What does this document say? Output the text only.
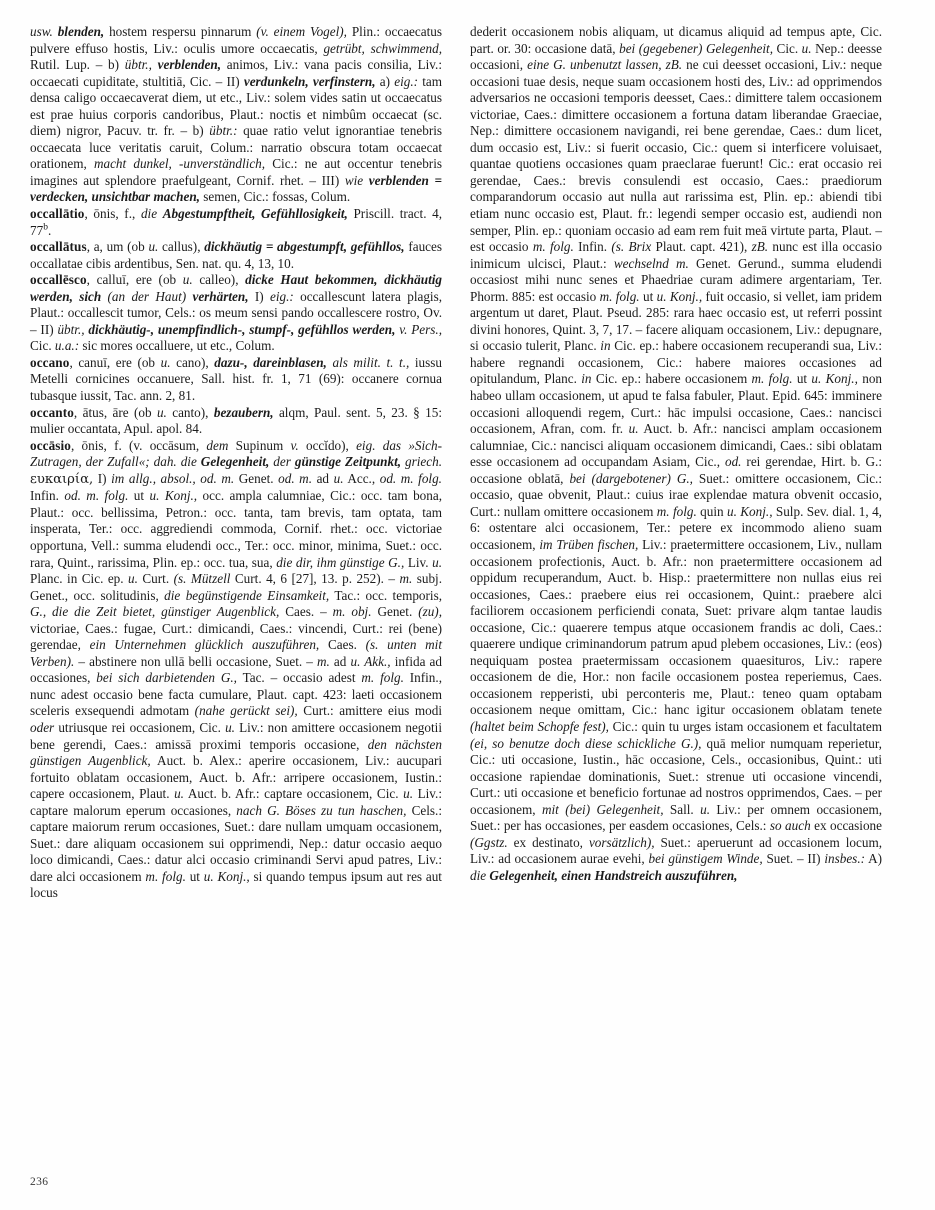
usw. blenden, hostem respersu pinnarum (v. einem Vogel), Plin.: occaecatus pulvere effuso hostis, Liv.: oculis umore occaecatis, getrübt, schwimmend, Rutil. Lup. – b) übtr., verblenden, animos, Liv.: vana pacis consilia, Liv.: occaecati cupiditate, stultitiā, Cic. – II) verdunkeln, verfinstern, a) eig.: tam densa caligo occaecaverat diem, ut etc., Liv.: solem vides satin ut occaecatus est prae huius corporis candoribus, Plaut.: noctis et nimbûm occaecat (sc. diem) nigror, Pacuv. tr. fr. – b) übtr.: quae ratio velut ignorantiae tenebris occaecata luce veritatis caruit, Colum.: narratio obscura totam occaecat orationem, macht dunkel, -unverständlich, Cic.: ne aut occentur tenebris imagines aut splendore praefulgeant, Cornif. rhet. – III) wie verblenden = verdecken, unsichtbar machen, semen, Cic.: fossas, Colum.

occallātio, ōnis, f., die Abgestumpftheit, Gefühllosigkeit, Priscill. tract. 4, 77$^b$.

occallātus, a, um (ob u. callus), dickhäutig = abgestumpft, gefühllos, fauces occallatae cibis ardentibus, Sen. nat. qu. 4, 13, 10.

occallēsco, calluī, ere (ob u. calleo), dicke Haut bekommen, dickhäutig werden, sich (an der Haut) verhärten, I) eig.: occallescunt latera plagis, Plaut.: occallescit tumor, Cels.: os meum sensi pando occallescere rostro, Ov. – II) übtr., dickhäutig-, unempfindlich-, stumpf-, gefühllos werden, v. Pers., Cic. u.a.: sic mores occalluere, ut etc., Colum.

occano, canuī, ere (ob u. cano), dazu-, dareinblasen, als milit. t. t., iussu Metelli cornicines occanuere, Sall. hist. fr. 1, 71 (69): occanere cornua tubasque iussit, Tac. ann. 2, 81.

occanto, ātus, āre (ob u. canto), bezaubern, alqm, Paul. sent. 5, 23. § 15: mulier occantata, Apul. apol. 84.

occāsio, ōnis, f. (v. occāsum, dem Supinum v. occĭdo), eig. das »Sich-Zutragen, der Zufall«; dah. die Gelegenheit, der günstige Zeitpunkt, griech. ευκαιρία, I) im allg., absol., od. m. Genet. od. m. ad u. Acc., od. m. folg. Infin. od. m. folg. ut u. Konj., occ. ampla calumniae, Cic.: occ. tam bona, Plaut.: occ. bellissima, Petron.: occ. tanta, tam brevis, tam optata, tam insperata, Ter.: occ. aggrediendi commoda, Cornif. rhet.: occ. victoriae opportuna, Vell.: summa eludendi occ., Ter.: occ. minor, minima, Suet.: occ. rara, Quint., rarissima, Plin. ep.: occ. tua, sua, die dir, ihm günstige G., Liv. u. Planc. in Cic. ep. u. Curt. (s. Mützell Curt. 4, 6 [27], 13. p. 252). – m. subj. Genet., occ. solitudinis, die begünstigende Einsamkeit, Tac.: occ. temporis, G., die die Zeit bietet, günstiger Augenblick, Caes. – m. obj. Genet. (zu), victoriae, Caes.: fugae, Curt.: dimicandi, Caes.: vincendi, Curt.: rei (bene) gerendae, ein Unternehmen glücklich auszuführen, Caes. (s. unten mit Verben). – abstinere non ullā belli occasione, Suet. – m. ad u. Akk., infida ad occasiones, bei sich darbietenden G., Tac. – occasio adest m. folg. Infin., nunc adest occasio bene facta cumulare, Plaut. capt. 423: laeti occasionem sceleris exsequendi admotam (nahe gerückt sei), Curt.: amittere eius modi oder utriusque rei occasionem, Cic. u. Liv.: non amittere occasionem negotii bene gerendi, Caes.: amissā proximi temporis occasione, den nächsten günstigen Augenblick, Auct. b. Alex.: aperire occasionem, Liv.: aucupari fortuito oblatam occasionem, Auct. b. Afr.: arripere occasionem, Iustin.: capere occasionem, Plaut. u. Auct. b. Afr.: captare occasionem, Cic. u. Liv.: captare malorum eperum occasiones, nach G. Böses zu tun haschen, Cels.: captare maiorum rerum occasiones, Suet.: dare nullam umquam occasionem, Suet.: dare aliquam occasionem sui opprimendi, Nep.: datur occasio aequo loco dimicandi, Caes.: datur alci occasio criminandi Servi apud patres, Liv.: dare alci occasionem m. folg. ut u. Konj., si quando tempus ipsum aut res aut locus

dederit occasionem nobis aliquam, ut dicamus aliquid ad tempus apte, Cic. part. or. 30: occasione datā, bei (gegebener) Gelegenheit, Cic. u. Nep.: deesse occasioni, eine G. unbenutzt lassen, zB. ne cui deesset occasioni, Liv.: neque occasioni tuae desis, neque suam occasionem hosti des, Liv.: ad opprimendos adversarios ne occasioni temporis deesset, Caes.: dimittere talem occasionem victoriae, Caes.: dimittere occasionem a fortuna datam liberandae Graeciae, Nep.: dimittere occasionem navigandi, rei bene gerendae, Caes.: dum licet, dum occasio est, Liv.: si fuerit occasio, Cic.: quem si interficere voluisaet, quantae quotiens occasiones quam praeclarae fuerunt! Cic.: erat occasio rei gerendae, Caes.: brevis consulendi est occasio, Caes.: praediorum comparandorum occasio aut nulla aut rarissima est, Plin. ep.: abiendi tibi etiam nunc occasio est, Plaut. fr.: legendi semper occasio est, audiendi non semper, Plin. ep.: quoniam occasio ad eam rem fuit meā virtute parta, Plaut. – est occasio m. folg. Infin. (s. Brix Plaut. capt. 421), zB. nunc est illa occasio inimicum ulcisci, Plaut.: wechselnd m. Genet. Gerund., summa eludendi occasiost mihi nunc senes et Phaedriae curam adimere argentariam, Ter. Phorm. 885: est occasio m. folg. ut u. Konj., fuit occasio, si vellet, iam pridem argentum ut daret, Plaut. Pseud. 285: rara haec occasio est, ut referri possint divini honores, Quint. 3, 7, 17. – facere aliquam occasionem, Liv.: depugnare, si occasio tulerit, Planc. in Cic. ep.: habere occasionem recuperandi sua, Liv.: habere regnandi occasionem, Cic.: habere maiores occasiones ad opitulandum, Planc. in Cic. ep.: habere occasionem m. folg. ut u. Konj., non habeo ullam occasionem, ut apud te falsa fabuler, Plaut. Epid. 645: imminere occasioni alloquendi regem, Curt.: hāc impulsi occasione, Caes.: nancisci occasionem, Afran, com. fr. u. Auct. b. Afr.: nancisci amplam occasionem calumniae, Cic.: nancisci aliquam occasionem dimicandi, Caes.: sibi oblatam esse occasionem ad occupandam Asiam, Cic., od. rei gerendae, Hirt. b. G.: occasione oblatā, bei (dargebotener) G., Suet.: omittere occasionem, Cic.: occasio, quae obvenit, Plaut.: cuius irae explendae matura obvenit occasio, Curt.: nullam omittere occasionem m. folg. quin u. Konj., Sulp. Sev. dial. 1, 4, 6: ostentare alci occasionem, Ter.: petere ex incommodo alieno suam occasionem, im Trüben fischen, Liv.: praetermittere occasionem, Liv., nullam occasionem profectionis, Auct. b. Afr.: non praetermittere occasionem ad oppidum recuperandum, Auct. b. Hisp.: praetermittere non nullas eius rei occasiones, Caes.: praebere eius rei occasionem, Quint.: praebere alci faciliorem occasionem perficiendi conata, Suet: privare alqm tantae laudis occasione, Cic.: quaerere tempus atque occasionem frandis ac doli, Caes.: quaerere undique criminandorum patrum apud plebem occasiones, Liv.: (eos) nequiquam postea praetermissam occasionem quaesituros, Liv.: rapere occasionem de die, Hor.: non facile occasionem postea reperiemus, Caes. occasionem repperisti, ubi perconteris me, Plaut.: teneo quam optabam occasionem neque omittam, Cic.: hanc igitur occasionem oblatam tenete (haltet beim Schopfe fest), Cic.: quin tu urges istam occasionem et facultatem (ei, so benutze doch diese schickliche G.), quā melior numquam reperietur, Cic.: uti occasione, Iustin., hāc occasione, Cels., occasionibus, Quint.: uti occasione rapiendae dominationis, Suet.: strenue uti occasione vincendi, Curt.: uti occasione et beneficio fortunae ad nostros opprimendos, Caes. – per occasionem, mit (bei) Gelegenheit, Sall. u. Liv.: per omnem occasionem, Suet.: per has occasiones, per easdem occasiones, Cels.: so auch ex occasione (Ggstz. ex destinato, vorsätzlich), Suet.: aperuerunt ad occasionem locum, Liv.: ad occasionem aurae evehi, bei günstigem Winde, Suet. – II) insbes.: A) die Gelegenheit, einen Handstreich auszuführen,

236
